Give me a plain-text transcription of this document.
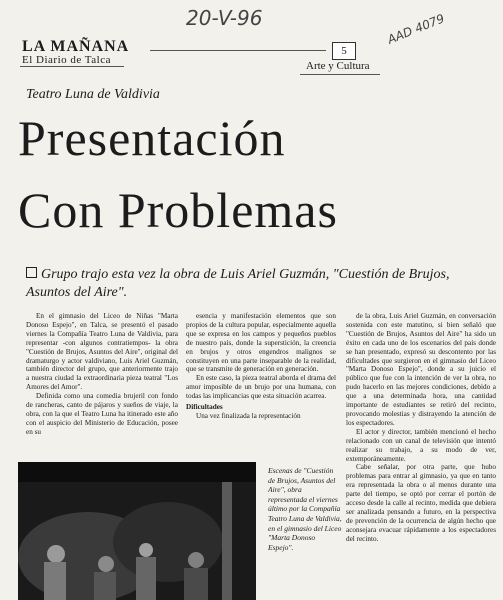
20-V-96	AAD 4079
LA MAÑANA
El Diario de Talca
5
Arte y Cultura
Teatro Luna de Valdivia
Presentación
Con Problemas
Grupo trajo esta vez la obra de Luis Ariel Guzmán, "Cuestión de Brujos, Asuntos del Aire".

En el gimnasio del Liceo de Niñas "Marta Donoso Espejo", en Talca, se presentó el pasado viernes la Compañía Teatro Luna de Valdivia, para representar -con algunos contratiempos- la obra "Cuestión de Brujos, Asuntos del Aire", original del dramaturgo y actor valdiviano, Luis Ariel Guzmán, también director del grupo, que anteriormente trajo a nuestra ciudad la extraordinaria pieza teatral "Los Amores del Amor".

Definida como una comedia brujeril con fondo de rancheras, canto de pájaros y sueños de viaje, la obra, con la que el Teatro Luna ha itinerado este año con el auspicio del Ministerio de Educación, posee en su

esencia y manifestación elementos que son propios de la cultura popular, especialmente aquella que se expresa en los campos y pequeños pueblos de nuestro país, donde la superstición, la creencia en brujos y otros engendros malignos se constituyen en una parte inseparable de la realidad, que se transmite de generación en generación.

En este caso, la pieza teatral aborda el drama del amor imposible de un brujo por una humana, con todas las implicancias que esta situación acarrea.

Dificultades

Una vez finalizada la representación

de la obra, Luis Ariel Guzmán, en conversación sostenida con este matutino, si bien señaló que "Cuestión de Brujos, Asuntos del Aire" ha sido un éxito en cada uno de los escenarios del país donde se han presentado, expresó su descontento por las dificultades que surgieron en el gimnasio del Liceo "Marta Donoso Espejo", donde a su juicio el público que fue con la intención de ver la obra, no pudo hacerlo en las mejores condiciones, debido a que a una determinada hora, una cantidad importante de estudiantes se retiró del recinto, provocando molestias y distrayendo la atención de los espectadores.

El actor y director, también mencionó el hecho relacionado con un canal de televisión que intentó realizar su trabajo, a su modo de ver, extemporáneamente.

Cabe señalar, por otra parte, que hubo problemas para entrar al gimnasio, ya que en tanto era representada la obra o al menos durante una parte del tiempo, se optó por cerrar el portón de acceso desde la calle al recinto, medida que debiera ser analizada pensando a futuro, en la perspectiva de prevención de la ocurrencia de algún hecho que aconsejara evacuar rápidamente a los espectadores del recinto.

Escenas de "Cuestión de Brujos, Asuntos del Aire", obra representada el viernes último por la Compañía Teatro Luna de Valdivia, en el gimnasio del Liceo "Marta Donoso Espejo".
